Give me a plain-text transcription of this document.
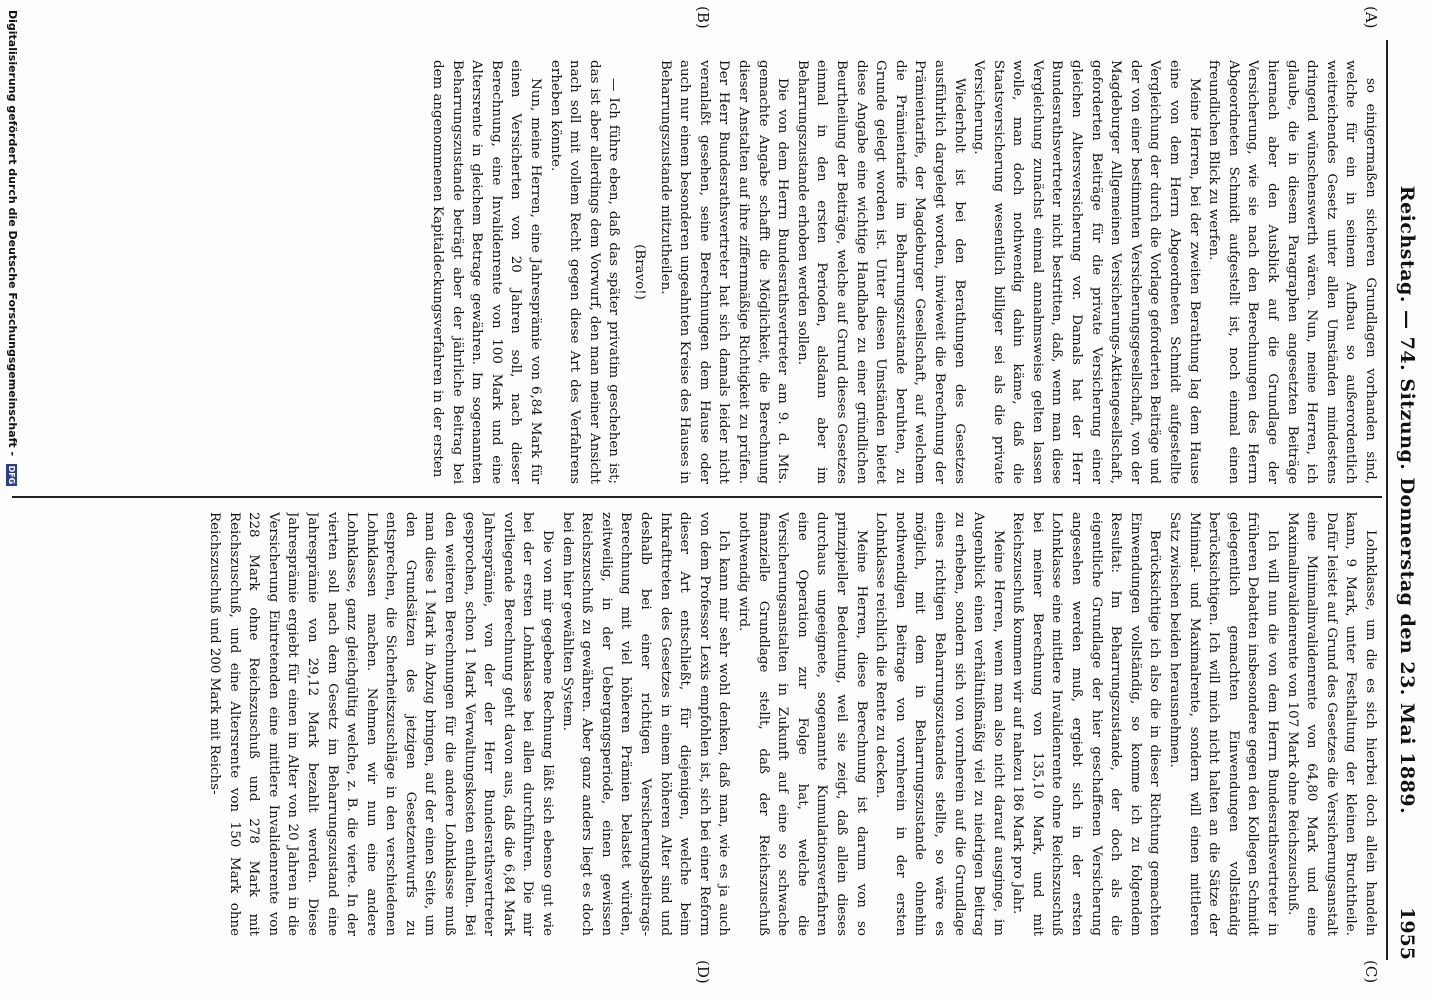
Reichstag. — 74. Sitzung. Donnerstag den 23. Mai 1889.
1955
(A)
(B)
(C)
(D)

so einigermaßen sicheren Grundlagen vorhanden sind, welche für ein in seinem Aufbau so außerordentlich weitreichendes Gesetz unter allen Umständen mindestens dringend wünschenswerth wären. Nun, meine Herren, ich glaube, die in diesem Paragraphen angesetzten Beiträge hiernach aber den Ausblick auf die Grundlage der Versicherung, wie sie nach den Berechnungen des Herrn Abgeordneten Schmidt aufgestellt ist, noch einmal einen freundlichen Blick zu werfen.

Meine Herren, bei der zweiten Berathung lag dem Hause eine von dem Herrn Abgeordneten Schmidt aufgestellte Vergleichung der durch die Vorlage geforderten Beiträge und der von einer bestimmten Versicherungsgesellschaft, von der Magdeburger Allgemeinen Versicherungs-Aktiengesellschaft, geforderten Beiträge für die private Versicherung einer gleichen Altersversicherung vor. Damals hat der Herr Bundesrathsvertreter nicht bestritten, daß, wenn man diese Vergleichung zunächst einmal annahmsweise gelten lassen wolle, man doch nothwendig dahin käme, daß die Staatsversicherung wesentlich billiger sei als die private Versicherung.

Wiederholt ist bei den Berathungen des Gesetzes ausführlich dargelegt worden, inwieweit die Berechnung der Prämientarife, der Magdeburger Gesellschaft, auf welchem die Prämientarife im Beharrungszustande beruhten, zu Grunde gelegt worden ist. Unter diesen Umständen bietet diese Angabe eine wichtige Handhabe zu einer gründlichen Beurtheilung der Beiträge, welche auf Grund dieses Gesetzes einmal in den ersten Perioden, alsdann aber im Beharrungszustande erhoben werden sollen.

Die von dem Herrn Bundesrathsvertreter am 9. d. Mts. gemachte Angabe schafft die Möglichkeit, die Berechnung dieser Anstalten auf ihre ziffernmäßige Richtigkeit zu prüfen. Der Herr Bundesrathsvertreter hat sich damals leider nicht veranlaßt gesehen, seine Berechnungen dem Hause oder auch nur einem besonderen ungeahnten Kreise des Hauses in Beharrungszustande mitzutheilen.

(Bravo!)

— Ich führe eben, daß das später privatim geschehen ist; das ist aber allerdings dem Vorwurf, den man meiner Ansicht nach soll mit vollem Recht gegen diese Art des Verfahrens erheben könnte.

Nun, meine Herren, eine Jahresprämie von 6,84 Mark für einen Versicherten von 20 Jahren soll, nach dieser Berechnung, eine Invalidenrente von 100 Mark und eine Altersrente in gleichem Betrage gewähren. Im sogenannten Beharrungszustande beträgt aber der jährliche Beitrag bei dem angenommenen Kapitaldeckungsverfahren in der ersten

Lohnklasse, um die es sich hierbei doch allein handeln kann, 9 Mark, unter Festhaltung der kleinen Bruchtheile. Dafür leistet auf Grund des Gesetzes die Versicherungsanstalt eine Minimalinvalidenrente von 64,80 Mark und eine Maximalinvalidenrente von 107 Mark ohne Reichszuschuß.

Ich will nun die von dem Herrn Bundesrathsvertreter in früheren Debatten insbesondere gegen den Kollegen Schmidt gelegentlich gemachten Einwendungen vollständig berücksichtigen. Ich will mich nicht halten an die Sätze der Minimal- und Maximalrente, sondern will einen mittleren Satz zwischen beiden herausnehmen.

Berücksichtige ich also die in dieser Richtung gemachten Einwendungen vollständig, so komme ich zu folgendem Resultat: Im Beharrungszustande, der doch als die eigentliche Grundlage der hier geschaffenen Versicherung angesehen werden muß, ergiebt sich in der ersten Lohnklasse eine mittlere Invalidenrente ohne Reichszuschuß bei meiner Berechnung von 135,10 Mark, und mit Reichszuschuß kommen wir auf nahezu 186 Mark pro Jahr.

Meine Herren, wenn man also nicht darauf ausginge, im Augenblick einen verhältnißmäßig viel zu niedrigen Beitrag zu erheben, sondern sich von vornherein auf die Grundlage eines richtigen Beharrungszustandes stellte, so wäre es möglich, mit dem in Beharrungszustande ohnehin nothwendigen Beitrage von vornherein in der ersten Lohnklasse reichlich die Rente zu decken.

Meine Herren, diese Berechnung ist darum von so prinzipieller Bedeutung, weil sie zeigt, daß allein dieses durchaus ungeeignete, sogenannte Kumulationsverfahren eine Operation zur Folge hat, welche die Versicherungsanstalten in Zukunft auf eine so schwache finanzielle Grundlage stellt, daß der Reichszuschuß nothwendig wird.

Ich kann mir sehr wohl denken, daß man, wie es ja auch von dem Professor Lexis empfohlen ist, sich bei einer Reform dieser Art entschließt, für diejenigen, welche beim Inkrafttreten des Gesetzes in einem höheren Alter sind und deshalb bei einer richtigen Versicherungsbeitrags-Berechnung mit viel höheren Prämien belastet würden, zeitweilig, in der Uebergangsperiode, einen gewissen Reichszuschuß zu gewähren. Aber ganz anders liegt es doch bei dem hier gewählten System.

Die von mir gegebene Rechnung läßt sich ebenso gut wie bei der ersten Lohnklasse bei allen durchführen. Die mir vorliegende Berechnung geht davon aus, daß die 6,84 Mark Jahresprämie, von der der Herr Bundesrathsvertreter gesprochen, schon 1 Mark Verwaltungskosten enthalten. Bei den weiteren Berechnungen für die andere Lohnklasse muß man diese 1 Mark in Abzug bringen, auf der einen Seite, um den Grundsätzen des jetzigen Gesetzentwurfs zu entsprechen, die Sicherheitszuschläge in den verschiedenen Lohnklassen machen. Nehmen wir nun eine andere Lohnklasse, ganz gleichgültig welche, z. B. die vierte. In der vierten soll nach dem Gesetz im Beharrungszustand eine Jahresprämie von 29,12 Mark bezahlt werden. Diese Jahresprämie ergiebt für einen im Alter von 20 Jahren in die Versicherung Eintretenden eine mittlere Invalidenrente von 228 Mark ohne Reichszuschuß und 278 Mark mit Reichszuschuß, und eine Altersrente von 150 Mark ohne Reichszuschuß und 200 Mark mit Reichs-

Digitalisierung gefördert durch die Deutsche Forschungsgemeinschaft - DFG
